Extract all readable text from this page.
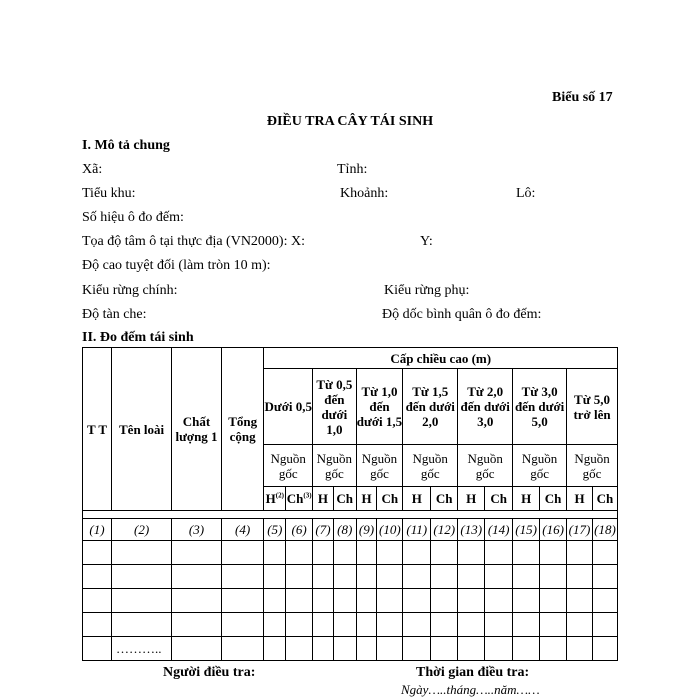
Biểu số 17
ĐIỀU TRA CÂY TÁI SINH
I. Mô tả chung
Xã:	Tỉnh:
Tiểu khu:	Khoảnh:	Lô:
Số hiệu ô đo đếm:
Tọa độ tâm ô tại thực địa (VN2000): X:	Y:
Độ cao tuyệt đối (làm tròn 10 m):
Kiểu rừng chính:	Kiểu rừng phụ:
Độ tàn che:	Độ dốc bình quân ô đo đếm:
II. Đo đếm tái sinh
T T	Tên loài	Chất lượng 1	Tổng cộng	Cấp chiều cao (m)													
				Dưới 0,5		Từ 0,5 đến dưới 1,0		Từ 1,0 đến dưới 1,5		Từ 1,5 đến dưới 2,0		Từ 2,0 đến dưới 3,0		Từ 3,0 đến dưới 5,0		Từ 5,0 trở lên	
				Nguồn gốc		Nguồn gốc		Nguồn gốc		Nguồn gốc		Nguồn gốc		Nguồn gốc		Nguồn gốc	
				$H^{(2)}$	Ch$^{(3)}$	H	Ch	H	Ch	H	Ch	H	Ch	H	Ch	H	Ch

(1)	(2)	(3)	(4)	(5)	(6)	(7)	(8)	(9)	(10)	(11)	(12)	(13)	(14)	(15)	(16)	(17)	(18)

	………..																
Người điều tra:	Thời gian điều tra:
Ngày…..tháng…..năm……
